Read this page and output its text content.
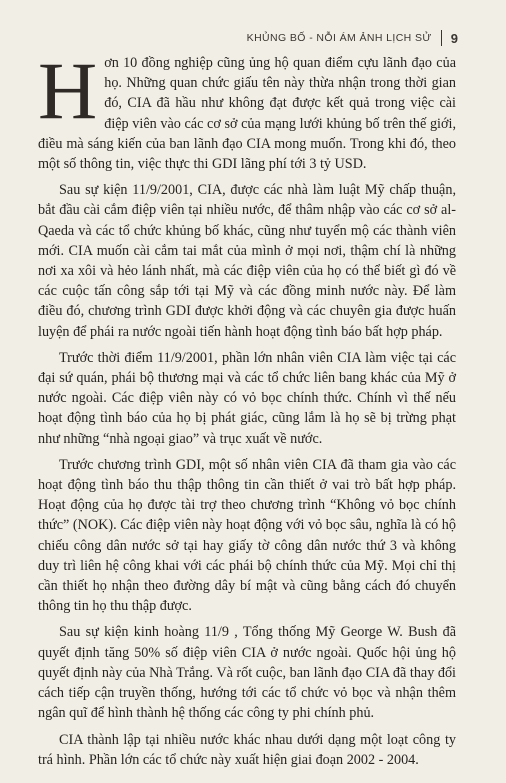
KHỦNG BỐ - NỖI ÁM ẢNH LỊCH SỬ 9

Hơn 10 đồng nghiệp cũng ủng hộ quan điểm cựu lãnh đạo của họ. Những quan chức giấu tên này thừa nhận trong thời gian đó, CIA đã hầu như không đạt được kết quả trong việc cài điệp viên vào các cơ sở của mạng lưới khủng bố trên thế giới, điều mà sáng kiến của ban lãnh đạo CIA mong muốn. Trong khi đó, theo một số thông tin, việc thực thi GDI lãng phí tới 3 tỷ USD.

Sau sự kiện 11/9/2001, CIA, được các nhà làm luật Mỹ chấp thuận, bắt đầu cài cắm điệp viên tại nhiều nước, để thâm nhập vào các cơ sở al-Qaeda và các tổ chức khủng bố khác, cũng như tuyển mộ các thành viên mới. CIA muốn cài cắm tai mắt của mình ở mọi nơi, thậm chí là những nơi xa xôi và hẻo lánh nhất, mà các điệp viên của họ có thể biết gì đó về các cuộc tấn công sắp tới tại Mỹ và các đồng minh nước này. Để làm điều đó, chương trình GDI được khởi động và các chuyên gia được huấn luyện để phái ra nước ngoài tiến hành hoạt động tình báo bất hợp pháp.

Trước thời điểm 11/9/2001, phần lớn nhân viên CIA làm việc tại các đại sứ quán, phái bộ thương mại và các tổ chức liên bang khác của Mỹ ở nước ngoài. Các điệp viên này có vỏ bọc chính thức. Chính vì thế nếu hoạt động tình báo của họ bị phát giác, cũng lắm là họ sẽ bị trừng phạt như những “nhà ngoại giao” và trục xuất về nước.

Trước chương trình GDI, một số nhân viên CIA đã tham gia vào các hoạt động tình báo thu thập thông tin cần thiết ở vai trò bất hợp pháp. Hoạt động của họ được tài trợ theo chương trình “Không vỏ bọc chính thức” (NOK). Các điệp viên này hoạt động với vỏ bọc sâu, nghĩa là có hộ chiếu công dân nước sở tại hay giấy tờ công dân nước thứ 3 và không duy trì liên hệ công khai với các phái bộ chính thức của Mỹ. Mọi chỉ thị cần thiết họ nhận theo đường dây bí mật và cũng bằng cách đó chuyển thông tin họ thu thập được.

Sau sự kiện kinh hoàng 11/9 , Tổng thống Mỹ George W. Bush đã quyết định tăng 50% số điệp viên CIA ở nước ngoài. Quốc hội ủng hộ quyết định này của Nhà Trắng. Và rốt cuộc, ban lãnh đạo CIA đã thay đổi cách tiếp cận truyền thống, hướng tới các tổ chức vỏ bọc và nhận thêm ngân quĩ để hình thành hệ thống các công ty phi chính phủ.

CIA thành lập tại nhiều nước khác nhau dưới dạng một loạt công ty trá hình. Phần lớn các tổ chức này xuất hiện giai đoạn 2002 - 2004.
